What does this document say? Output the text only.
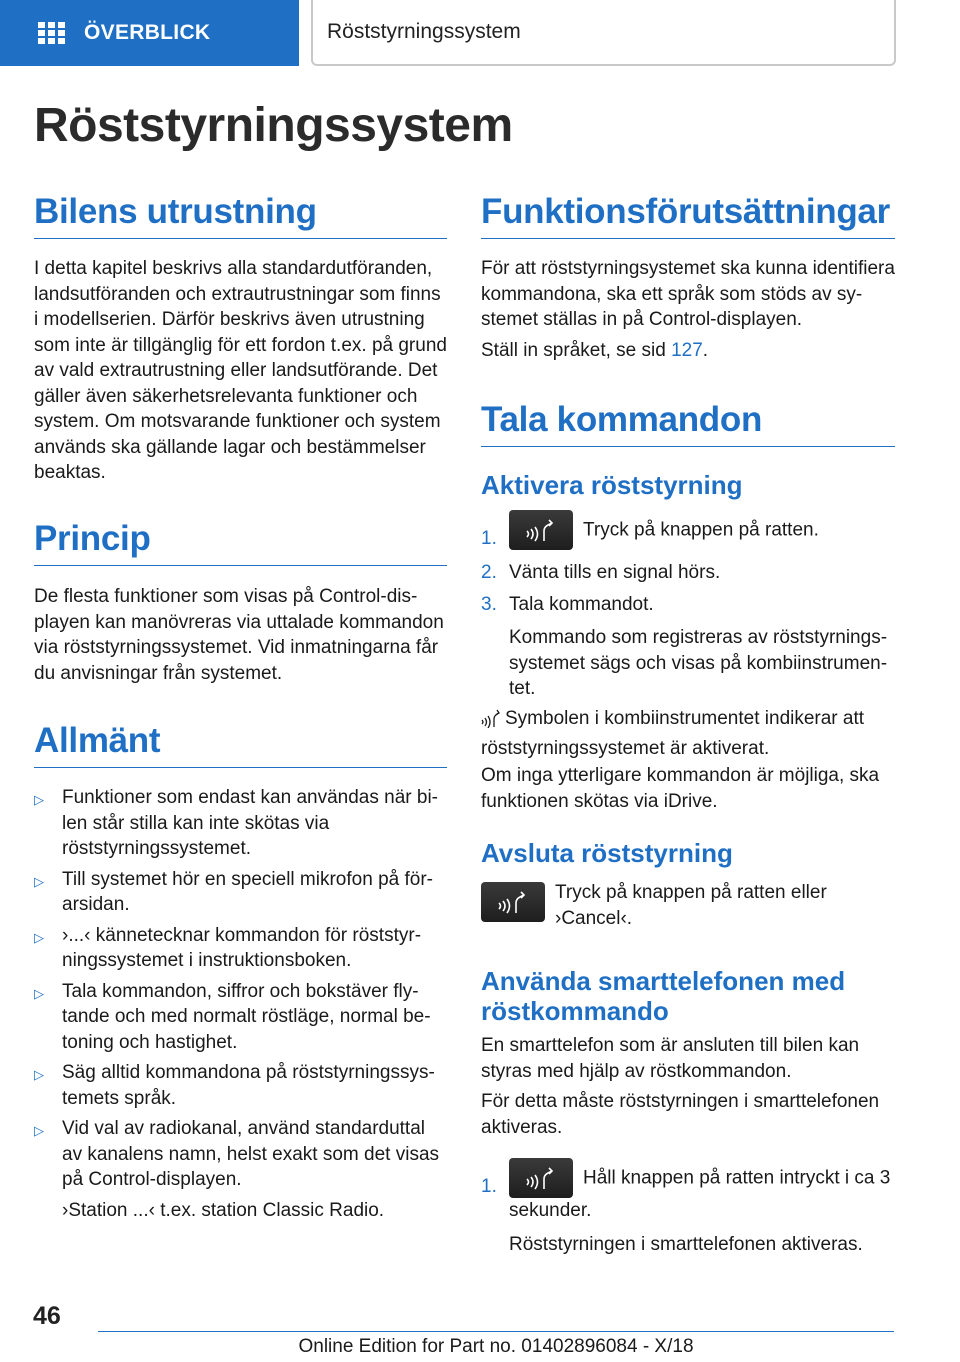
ÖVERBLICK	Röststyrningssystem
Röststyrningssystem
Bilens utrustning

I detta kapitel beskrivs alla standardutföranden, landsutföranden och extrautrustningar som finns i modellserien. Därför beskrivs även utrustning som inte är tillgänglig för ett fordon t.ex. på grund av vald extrautrustning eller landsutförande. Det gäller även säkerhetsrelevanta funktioner och system. Om motsvarande funktioner och system används ska gällande lagar och bestämmelser beaktas.

Princip

De flesta funktioner som visas på Control-displayen kan manövreras via uttalade kommandon via röststyrningssystemet. Vid inmatningarna får du anvisningar från systemet.

Allmänt
▷ Funktioner som endast kan användas när bilen står stilla kan inte skötas via röststyrningssystemet.
▷ Till systemet hör en speciell mikrofon på förarsidan.
▷ ›...‹ kännetecknar kommandon för röststyrningssystemet i instruktionsboken.
▷ Tala kommandon, siffror och bokstäver flytande och med normalt röstläge, normal betoning och hastighet.
▷ Säg alltid kommandona på röststyrningssystemets språk.
▷ Vid val av radiokanal, använd standarduttal av kanalens namn, helst exakt som det visas på Control-displayen.
›Station ...‹ t.ex. station Classic Radio.
Funktionsförutsättningar

För att röststyrningsystemet ska kunna identifiera kommandona, ska ett språk som stöds av systemet ställas in på Control-displayen.

Ställ in språket, se sid 127.

Tala kommandon
Aktivera röststyrning
1.	Tryck på knappen på ratten.
2. Vänta tills en signal hörs.
3. Tala kommandot.

Kommando som registreras av röststyrningssystemet sägs och visas på kombiinstrumentet.

Symbolen i kombiinstrumentet indikerar att röststyrningssystemet är aktiverat.

Om inga ytterligare kommandon är möjliga, ska funktionen skötas via iDrive.

Avsluta röststyrning

Tryck på knappen på ratten eller ›Cancel‹.

Använda smarttelefonen med röstkommando

En smarttelefon som är ansluten till bilen kan styras med hjälp av röstkommandon.

För detta måste röststyrningen i smarttelefonen aktiveras.

1.	Håll knappen på ratten intryckt i ca 3 sekunder.

Röststyrningen i smarttelefonen aktiveras.

46
Online Edition for Part no. 01402896084 - X/18
